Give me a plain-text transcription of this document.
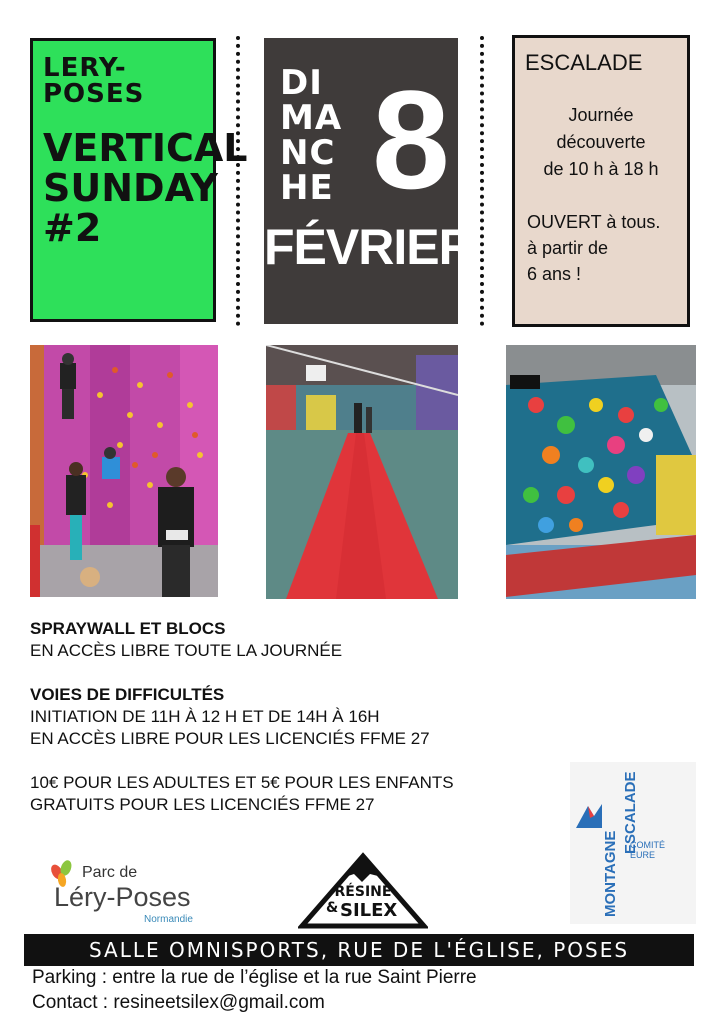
LERY-POSES
VERTICAL SUNDAY #2
DI
MA
NC
HE 8
FÉVRIER
ESCALADE
Journée
découverte
de 10 h à 18 h
OUVERT à tous.
à partir de
6 ans !
SPRAYWALL ET BLOCS
EN ACCÈS LIBRE TOUTE LA JOURNÉE
VOIES DE DIFFICULTÉS
INITIATION DE 11H À 12 H ET DE 14H À 16H
EN ACCÈS LIBRE POUR LES LICENCIÉS FFME 27
10€ POUR LES ADULTES ET 5€ POUR LES ENFANTS
GRATUITS POUR LES LICENCIÉS FFME 27
Parc de
Léry-Poses
Normandie
RÉSINE
& SILEX	MONTAGNE
ESCALADE
COMITÉ
EURE
SALLE OMNISPORTS, RUE DE L'ÉGLISE, POSES
Parking : entre la rue de l’église et la rue Saint Pierre
Contact : resineetsilex@gmail.com
